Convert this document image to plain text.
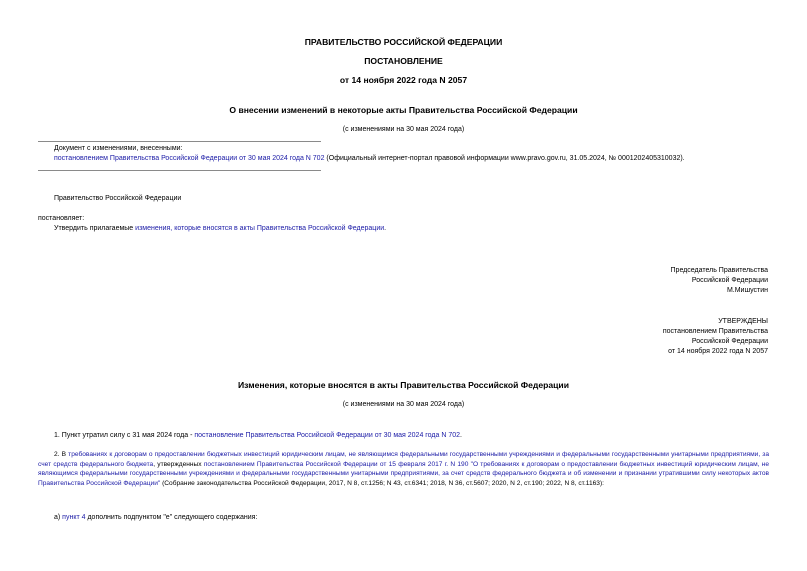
ПРАВИТЕЛЬСТВО РОССИЙСКОЙ ФЕДЕРАЦИИ
ПОСТАНОВЛЕНИЕ
от 14 ноября 2022 года N 2057
О внесении изменений в некоторые акты Правительства Российской Федерации
(с изменениями на 30 мая 2024 года)
Документ с изменениями, внесенными:
постановлением Правительства Российской Федерации от 30 мая 2024 года N 702 (Официальный интернет-портал правовой информации www.pravo.gov.ru, 31.05.2024, № 0001202405310032).
Правительство Российской Федерации
постановляет:
Утвердить прилагаемые изменения, которые вносятся в акты Правительства Российской Федерации.
Председатель Правительства
Российской Федерации
М.Мишустин
УТВЕРЖДЕНЫ
постановлением Правительства
Российской Федерации
от 14 ноября 2022 года N 2057
Изменения, которые вносятся в акты Правительства Российской Федерации
(с изменениями на 30 мая 2024 года)
1. Пункт утратил силу с 31 мая 2024 года - постановление Правительства Российской Федерации от 30 мая 2024 года N 702.
2. В требованиях к договорам о предоставлении бюджетных инвестиций юридическим лицам, не являющимся федеральными государственными учреждениями и федеральными государственными унитарными предприятиями, за счет средств федерального бюджета, утвержденных постановлением Правительства Российской Федерации от 15 февраля 2017 г. N 190 "О требованиях к договорам о предоставлении бюджетных инвестиций юридическим лицам, не являющимся федеральными государственными учреждениями и федеральными государственными унитарными предприятиями, за счет средств федерального бюджета и об изменении и признании утратившими силу некоторых актов Правительства Российской Федерации" (Собрание законодательства Российской Федерации, 2017, N 8, ст.1256; N 43, ст.6341; 2018, N 36, ст.5607; 2020, N 2, ст.190; 2022, N 8, ст.1163):
а) пункт 4 дополнить подпунктом "е" следующего содержания:
